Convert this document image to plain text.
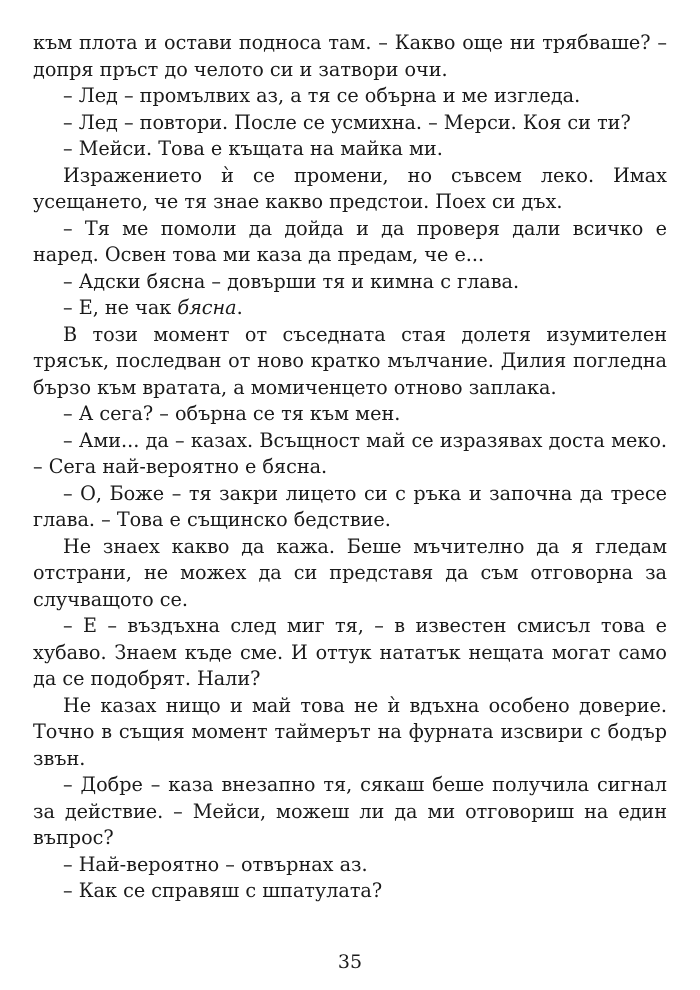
към плота и остави подноса там. – Какво още ни трябваше? – допря пръст до челото си и затвори очи.

– Лед – промълвих аз, а тя се обърна и ме изгледа.

– Лед – повтори. После се усмихна. – Мерси. Коя си ти?

– Мейси. Това е къщата на майка ми.

Изражението ѝ се промени, но съвсем леко. Имах усещането, че тя знае какво предстои. Поех си дъх.

– Тя ме помоли да дойда и да проверя дали всичко е наред. Освен това ми каза да предам, че е...

– Адски бясна – довърши тя и кимна с глава.

– Е, не чак бясна.

В този момент от съседната стая долетя изумителен трясък, последван от ново кратко мълчание. Дилия погледна бързо към вратата, а момиченцето отново заплака.

– А сега? – обърна се тя към мен.

– Ами... да – казах. Всъщност май се изразявах доста меко. – Сега най-вероятно е бясна.

– О, Боже – тя закри лицето си с ръка и започна да тресе глава. – Това е същинско бедствие.

Не знаех какво да кажа. Беше мъчително да я гледам отстрани, не можех да си представя да съм отговорна за случващото се.

– Е – въздъхна след миг тя, – в известен смисъл това е хубаво. Знаем къде сме. И оттук нататък нещата могат само да се подобрят. Нали?

Не казах нищо и май това не ѝ вдъхна особено доверие. Точно в същия момент таймерът на фурната изсвири с бодър звън.

– Добре – каза внезапно тя, сякаш беше получила сигнал за действие. – Мейси, можеш ли да ми отговориш на един въпрос?

– Най-вероятно – отвърнах аз.

– Как се справяш с шпатулата?

35
